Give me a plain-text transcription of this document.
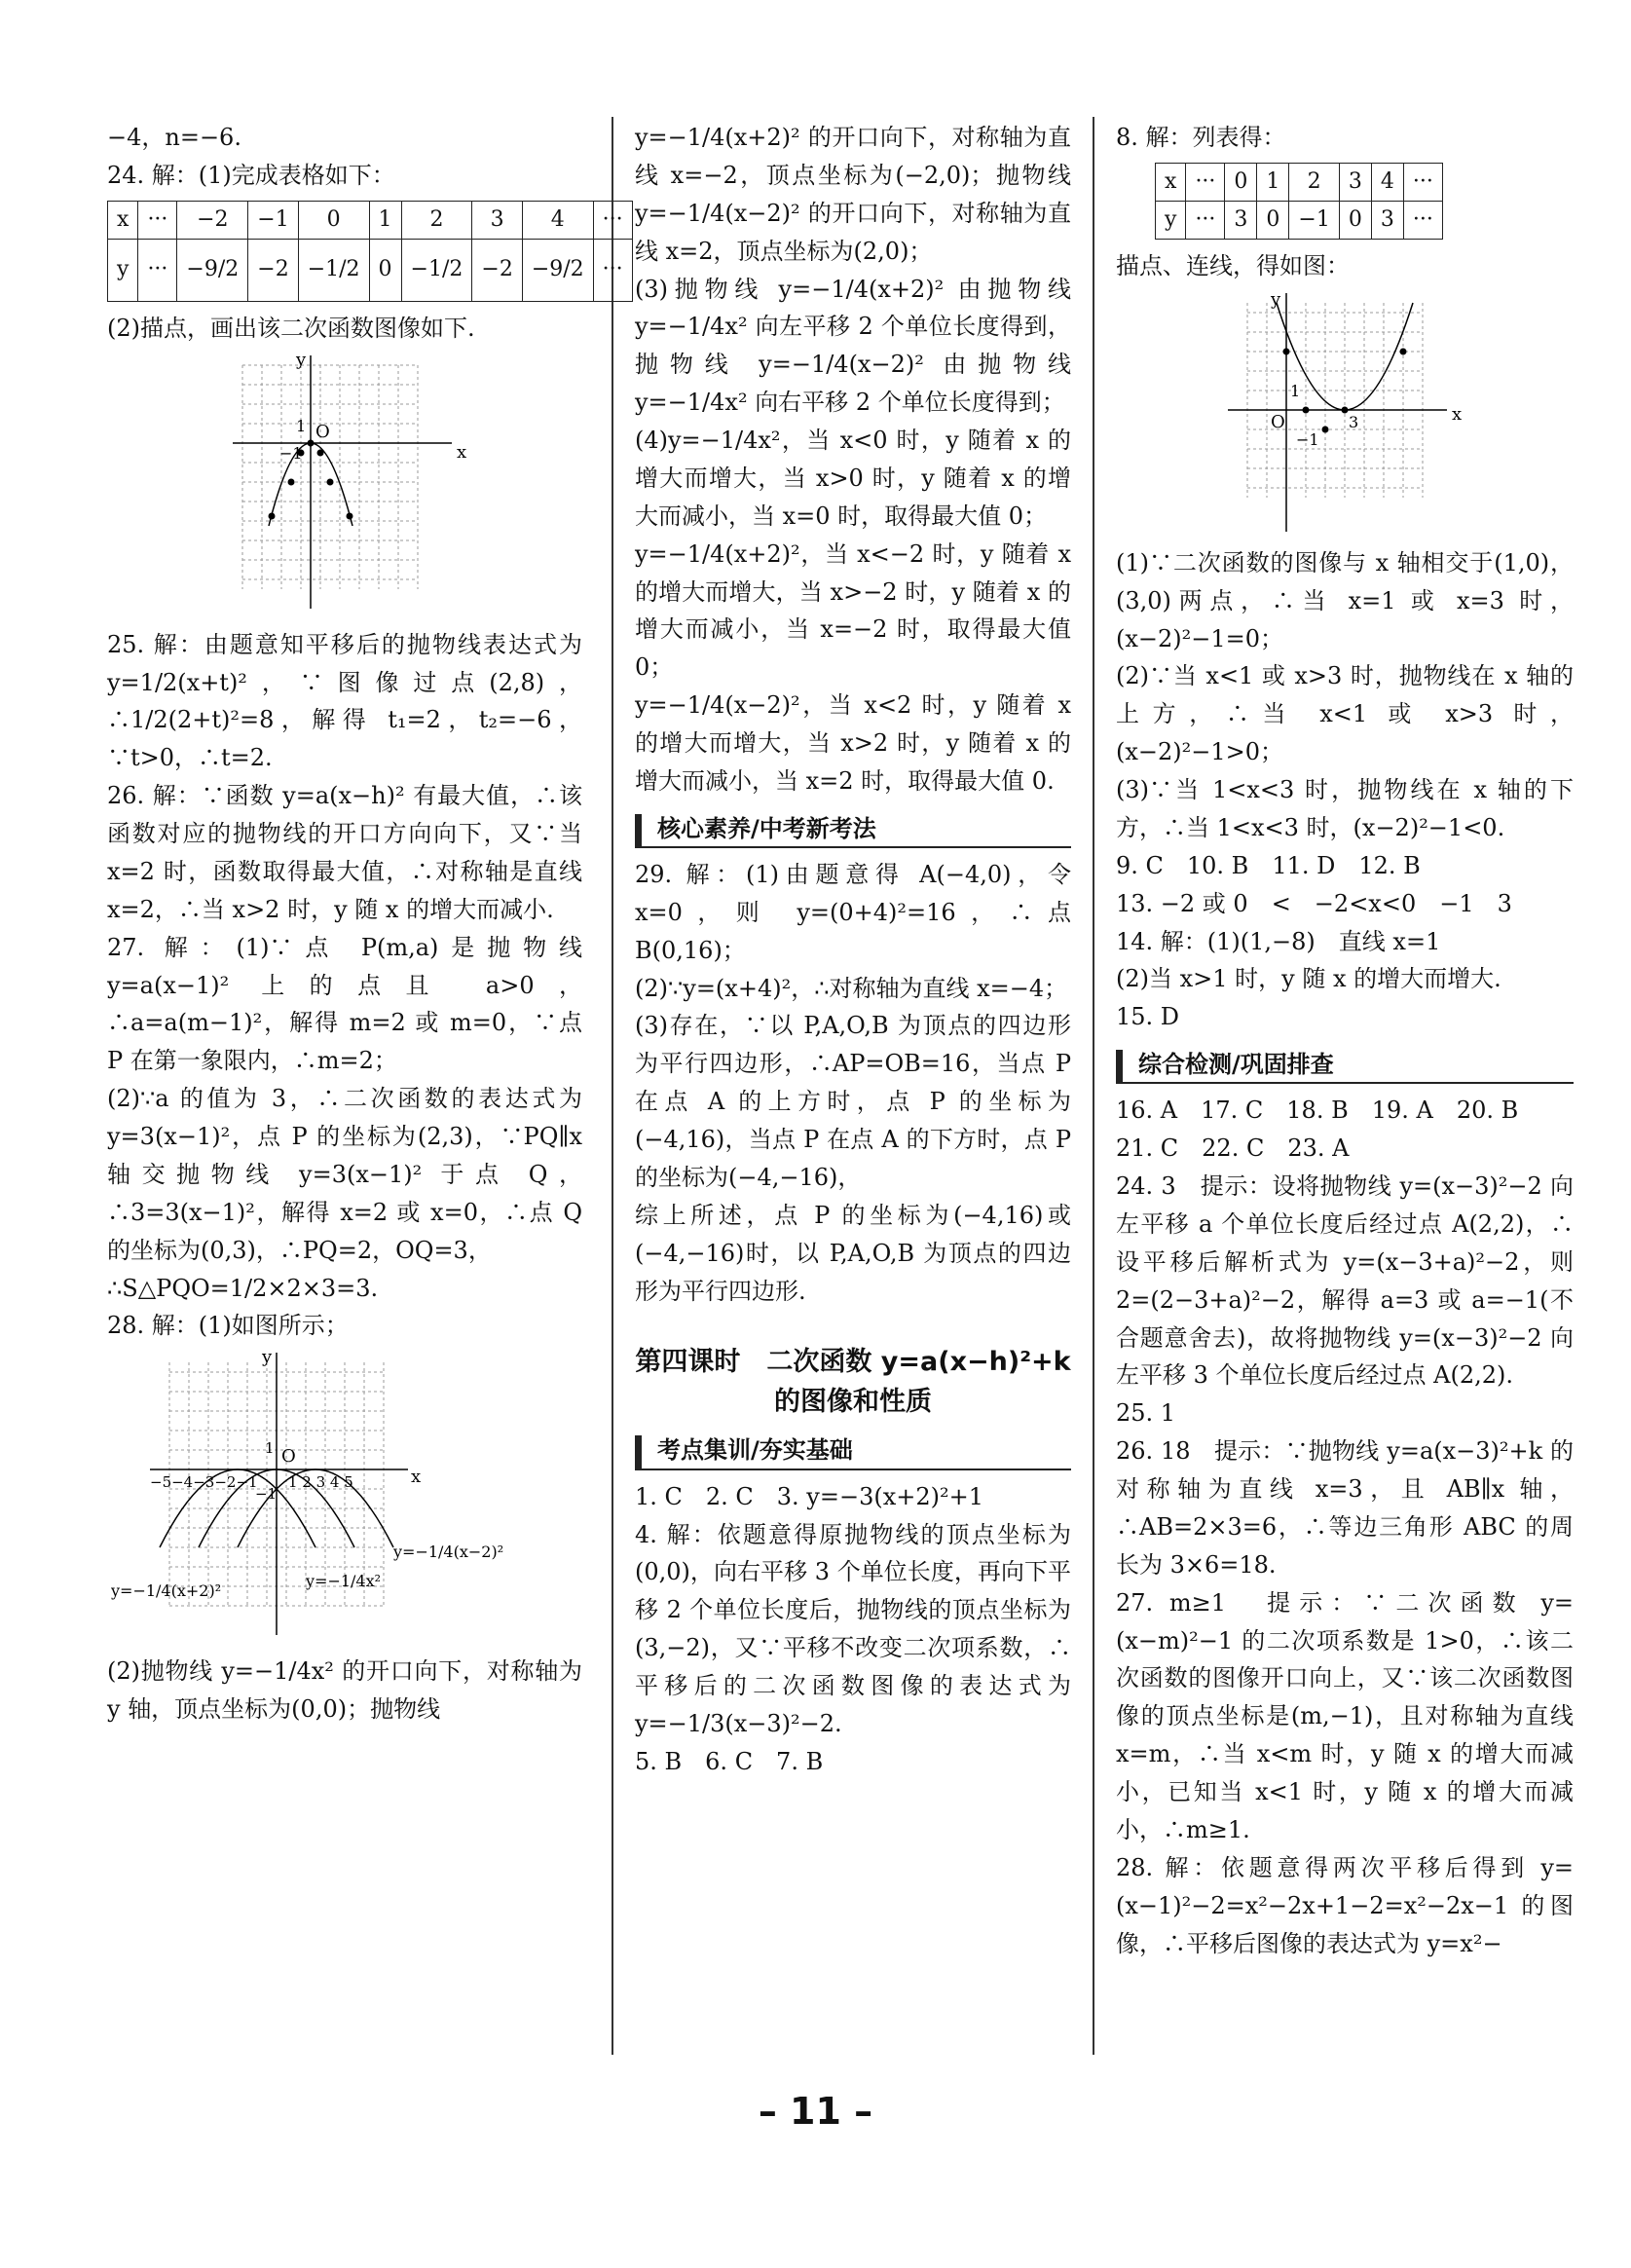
−4，n=−6.

24. 解：(1)完成表格如下：

x	···	−2	−1	0	1	2	3	4	···
y	···	−9/2	−2	−1/2	0	−1/2	−2	−9/2	···

(2)描点，画出该二次函数图像如下.

y
x
O
1
−1

25. 解：由题意知平移后的抛物线表达式为 y=1/2(x+t)²，∵图像过点(2,8)，∴1/2(2+t)²=8，解得 t₁=2，t₂=−6，∵t>0，∴t=2.

26. 解：∵函数 y=a(x−h)² 有最大值，∴该函数对应的抛物线的开口方向向下，又∵当 x=2 时，函数取得最大值，∴对称轴是直线 x=2，∴当 x>2 时，y 随 x 的增大而减小.

27. 解：(1)∵点 P(m,a)是抛物线 y=a(x−1)² 上的点且 a>0，∴a=a(m−1)²，解得 m=2 或 m=0，∵点 P 在第一象限内，∴m=2；

(2)∵a 的值为 3，∴二次函数的表达式为 y=3(x−1)²，点 P 的坐标为(2,3)，∵PQ∥x 轴交抛物线 y=3(x−1)² 于点 Q，∴3=3(x−1)²，解得 x=2 或 x=0，∴点 Q 的坐标为(0,3)，∴PQ=2，OQ=3，

∴S△PQO=1/2×2×3=3.

28. 解：(1)如图所示；

y
x
O
−5−4−3−2−1 1 2 3 4 5
1
−1
y=−1/4(x−2)²
y=−1/4(x+2)²
y=−1/4x²

(2)抛物线 y=−1/4x² 的开口向下，对称轴为 y 轴，顶点坐标为(0,0)；抛物线

y=−1/4(x+2)² 的开口向下，对称轴为直线 x=−2，顶点坐标为(−2,0)；抛物线 y=−1/4(x−2)² 的开口向下，对称轴为直线 x=2，顶点坐标为(2,0)；

(3)抛物线 y=−1/4(x+2)² 由抛物线 y=−1/4x² 向左平移 2 个单位长度得到，抛物线 y=−1/4(x−2)² 由抛物线 y=−1/4x² 向右平移 2 个单位长度得到；

(4)y=−1/4x²，当 x<0 时，y 随着 x 的增大而增大，当 x>0 时，y 随着 x 的增大而减小，当 x=0 时，取得最大值 0；

y=−1/4(x+2)²，当 x<−2 时，y 随着 x 的增大而增大，当 x>−2 时，y 随着 x 的增大而减小，当 x=−2 时，取得最大值 0；

y=−1/4(x−2)²，当 x<2 时，y 随着 x 的增大而增大，当 x>2 时，y 随着 x 的增大而减小，当 x=2 时，取得最大值 0.

核心素养/中考新考法

29. 解：(1)由题意得 A(−4,0)，令 x=0，则 y=(0+4)²=16，∴点 B(0,16)；

(2)∵y=(x+4)²，∴对称轴为直线 x=−4；

(3)存在，∵以 P,A,O,B 为顶点的四边形为平行四边形，∴AP=OB=16，当点 P 在点 A 的上方时，点 P 的坐标为(−4,16)，当点 P 在点 A 的下方时，点 P 的坐标为(−4,−16)，

综上所述，点 P 的坐标为(−4,16)或(−4,−16)时，以 P,A,O,B 为顶点的四边形为平行四边形.

第四课时　二次函数 y=a(x−h)²+k
的图像和性质
考点集训/夯实基础

1. C　2. C　3. y=−3(x+2)²+1

4. 解：依题意得原抛物线的顶点坐标为(0,0)，向右平移 3 个单位长度，再向下平移 2 个单位长度后，抛物线的顶点坐标为(3,−2)，又∵平移不改变二次项系数，∴平移后的二次函数图像的表达式为 y=−1/3(x−3)²−2.

5. B　6. C　7. B

8. 解：列表得：

x	···	0	1	2	3	4	···
y	···	3	0	−1	0	3	···

描点、连线，得如图：

y
x
O
1
−1
3

(1)∵二次函数的图像与 x 轴相交于(1,0)，(3,0)两点，∴当 x=1 或 x=3 时，(x−2)²−1=0；

(2)∵当 x<1 或 x>3 时，抛物线在 x 轴的上方，∴当 x<1 或 x>3 时，(x−2)²−1>0；

(3)∵当 1<x<3 时，抛物线在 x 轴的下方，∴当 1<x<3 时，(x−2)²−1<0.

9. C　10. B　11. D　12. B

13. −2 或 0　<　−2<x<0　−1　3

14. 解：(1)(1,−8)　直线 x=1

(2)当 x>1 时，y 随 x 的增大而增大.

15. D

综合检测/巩固排查

16. A　17. C　18. B　19. A　20. B

21. C　22. C　23. A

24. 3　提示：设将抛物线 y=(x−3)²−2 向左平移 a 个单位长度后经过点 A(2,2)，∴设平移后解析式为 y=(x−3+a)²−2，则 2=(2−3+a)²−2，解得 a=3 或 a=−1(不合题意舍去)，故将抛物线 y=(x−3)²−2 向左平移 3 个单位长度后经过点 A(2,2).

25. 1

26. 18　提示：∵抛物线 y=a(x−3)²+k 的对称轴为直线 x=3，且 AB∥x 轴，∴AB=2×3=6，∴等边三角形 ABC 的周长为 3×6=18.

27. m≥1　提示：∵二次函数 y=(x−m)²−1 的二次项系数是 1>0，∴该二次函数的图像开口向上，又∵该二次函数图像的顶点坐标是(m,−1)，且对称轴为直线 x=m，∴当 x<m 时，y 随 x 的增大而减小，已知当 x<1 时，y 随 x 的增大而减小，∴m≥1.

28. 解：依题意得两次平移后得到 y=(x−1)²−2=x²−2x+1−2=x²−2x−1 的图像，∴平移后图像的表达式为 y=x²−

– 11 –
